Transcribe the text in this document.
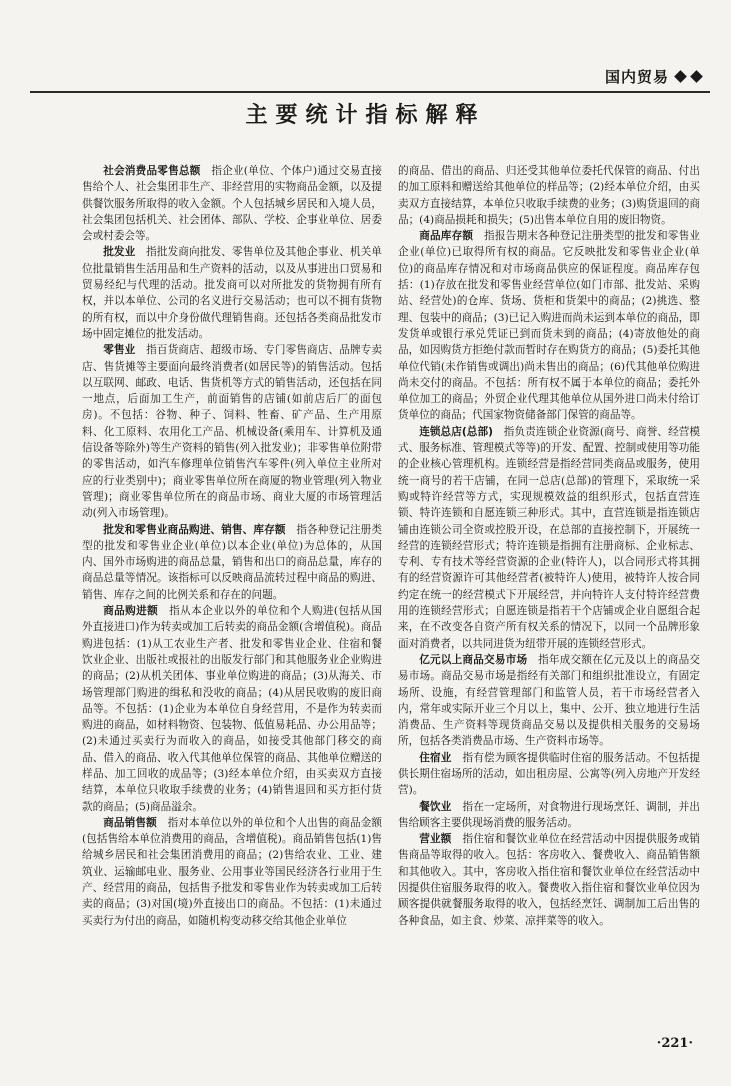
国内贸易
主要统计指标解释

社会消费品零售总额　 指企业(单位、个体户)通过交易直接售给个人、社会集团非生产、非经营用的实物商品金额，以及提供餐饮服务所取得的收入金额。个人包括城乡居民和入境人员，社会集团包括机关、社会团体、部队、学校、企事业单位、居委会或村委会等。

批发业　 指批发商向批发、零售单位及其他企事业、机关单位批量销售生活用品和生产资料的活动，以及从事进出口贸易和贸易经纪与代理的活动。批发商可以对所批发的货物拥有所有权，并以本单位、公司的名义进行交易活动；也可以不拥有货物的所有权，而以中介身份做代理销售商。还包括各类商品批发市场中固定摊位的批发活动。

零售业　 指百货商店、超级市场、专门零售商店、品牌专卖店、售货摊等主要面向最终消费者(如居民等)的销售活动。包括以互联网、邮政、电话、售货机等方式的销售活动，还包括在同一地点，后面加工生产，前面销售的店铺(如前店后厂的面包房)。不包括：谷物、种子、饲料、牲畜、矿产品、生产用原料、化工原料、农用化工产品、机械设备(乘用车、计算机及通信设备等除外)等生产资料的销售(列入批发业)；非零售单位附带的零售活动，如汽车修理单位销售汽车零件(列入单位主业所对应的行业类别中)；商业零售单位所在商厦的物业管理(列入物业管理)；商业零售单位所在的商品市场、商业大厦的市场管理活动(列入市场管理)。

批发和零售业商品购进、销售、库存额　 指各种登记注册类型的批发和零售业企业(单位)以本企业(单位)为总体的，从国内、国外市场购进的商品总量，销售和出口的商品总量，库存的商品总量等情况。该指标可以反映商品流转过程中商品的购进、销售、库存之间的比例关系和存在的问题。

商品购进额　 指从本企业以外的单位和个人购进(包括从国外直接进口)作为转卖或加工后转卖的商品金额(含增值税)。商品购进包括：(1)从工农业生产者、批发和零售业企业、住宿和餐饮业企业、出版社或报社的出版发行部门和其他服务业企业购进的商品；(2)从机关团体、事业单位购进的商品；(3)从海关、市场管理部门购进的缉私和没收的商品；(4)从居民收购的废旧商品等。不包括：(1)企业为本单位自身经营用，不是作为转卖而购进的商品，如材料物资、包装物、低值易耗品、办公用品等；(2)未通过买卖行为而收入的商品，如接受其他部门移交的商品、借入的商品、收入代其他单位保管的商品、其他单位赠送的样品、加工回收的成品等；(3)经本单位介绍，由买卖双方直接结算，本单位只收取手续费的业务；(4)销售退回和买方拒付货款的商品；(5)商品溢余。

商品销售额　 指对本单位以外的单位和个人出售的商品金额(包括售给本单位消费用的商品，含增值税)。商品销售包括(1)售给城乡居民和社会集团消费用的商品；(2)售给农业、工业、建筑业、运输邮电业、服务业、公用事业等国民经济各行业用于生产、经营用的商品，包括售予批发和零售业作为转卖或加工后转卖的商品；(3)对国(境)外直接出口的商品。不包括：(1)未通过买卖行为付出的商品，如随机构变动移交给其他企业单位

的商品、借出的商品、归还受其他单位委托代保管的商品、付出的加工原料和赠送给其他单位的样品等；(2)经本单位介绍，由买卖双方直接结算，本单位只收取手续费的业务；(3)购货退回的商品；(4)商品损耗和损失；(5)出售本单位自用的废旧物资。

商品库存额　 指报告期末各种登记注册类型的批发和零售业企业(单位)已取得所有权的商品。它反映批发和零售业企业(单位)的商品库存情况和对市场商品供应的保证程度。商品库存包括：(1)存放在批发和零售业经营单位(如门市部、批发站、采购站、经营处)的仓库、货场、货柜和货架中的商品；(2)挑选、整理、包装中的商品；(3)已记入购进而尚未运到本单位的商品，即发货单或银行承兑凭证已到而货未到的商品；(4)寄放他处的商品，如因购货方拒绝付款而暂时存在购货方的商品；(5)委托其他单位代销(未作销售或调出)尚未售出的商品；(6)代其他单位购进尚未交付的商品。不包括：所有权不属于本单位的商品；委托外单位加工的商品；外贸企业代理其他单位从国外进口尚未付给订货单位的商品；代国家物资储备部门保管的商品等。

连锁总店(总部)　 指负责连锁企业资源(商号、商誉、经营模式、服务标准、管理模式等等)的开发、配置、控制或使用等功能的企业核心管理机构。连锁经营是指经营同类商品或服务，使用统一商号的若干店铺，在同一总店(总部)的管理下，采取统一采购或特许经营等方式，实现规模效益的组织形式，包括直营连锁、特许连锁和自愿连锁三种形式。其中，直营连锁是指连锁店铺由连锁公司全资或控股开设，在总部的直接控制下，开展统一经营的连锁经营形式；特许连锁是指拥有注册商标、企业标志、专利、专有技术等经营资源的企业(特许人)，以合同形式将其拥有的经营资源许可其他经营者(被特许人)使用，被特许人按合同约定在统一的经营模式下开展经营，并向特许人支付特许经营费用的连锁经营形式；自愿连锁是指若干个店铺或企业自愿组合起来，在不改变各自资产所有权关系的情况下，以同一个品牌形象面对消费者，以共同进货为纽带开展的连锁经营形式。

亿元以上商品交易市场　 指年成交额在亿元及以上的商品交易市场。商品交易市场是指经有关部门和组织批准设立，有固定场所、设施，有经营管理部门和监管人员，若干市场经营者入内，常年或实际开业三个月以上，集中、公开、独立地进行生活消费品、生产资料等现货商品交易以及提供相关服务的交易场所，包括各类消费品市场、生产资料市场等。

住宿业　 指有偿为顾客提供临时住宿的服务活动。不包括提供长期住宿场所的活动，如出租房屋、公寓等(列入房地产开发经营)。

餐饮业　 指在一定场所，对食物进行现场烹饪、调制，并出售给顾客主要供现场消费的服务活动。

营业额　 指住宿和餐饮业单位在经营活动中因提供服务或销售商品等取得的收入。包括：客房收入、餐费收入、商品销售额和其他收入。其中，客房收入指住宿和餐饮业单位在经营活动中因提供住宿服务取得的收入。餐费收入指住宿和餐饮业单位因为顾客提供就餐服务取得的收入，包括经烹饪、调制加工后出售的各种食品，如主食、炒菜、凉拌菜等的收入。

·221·
